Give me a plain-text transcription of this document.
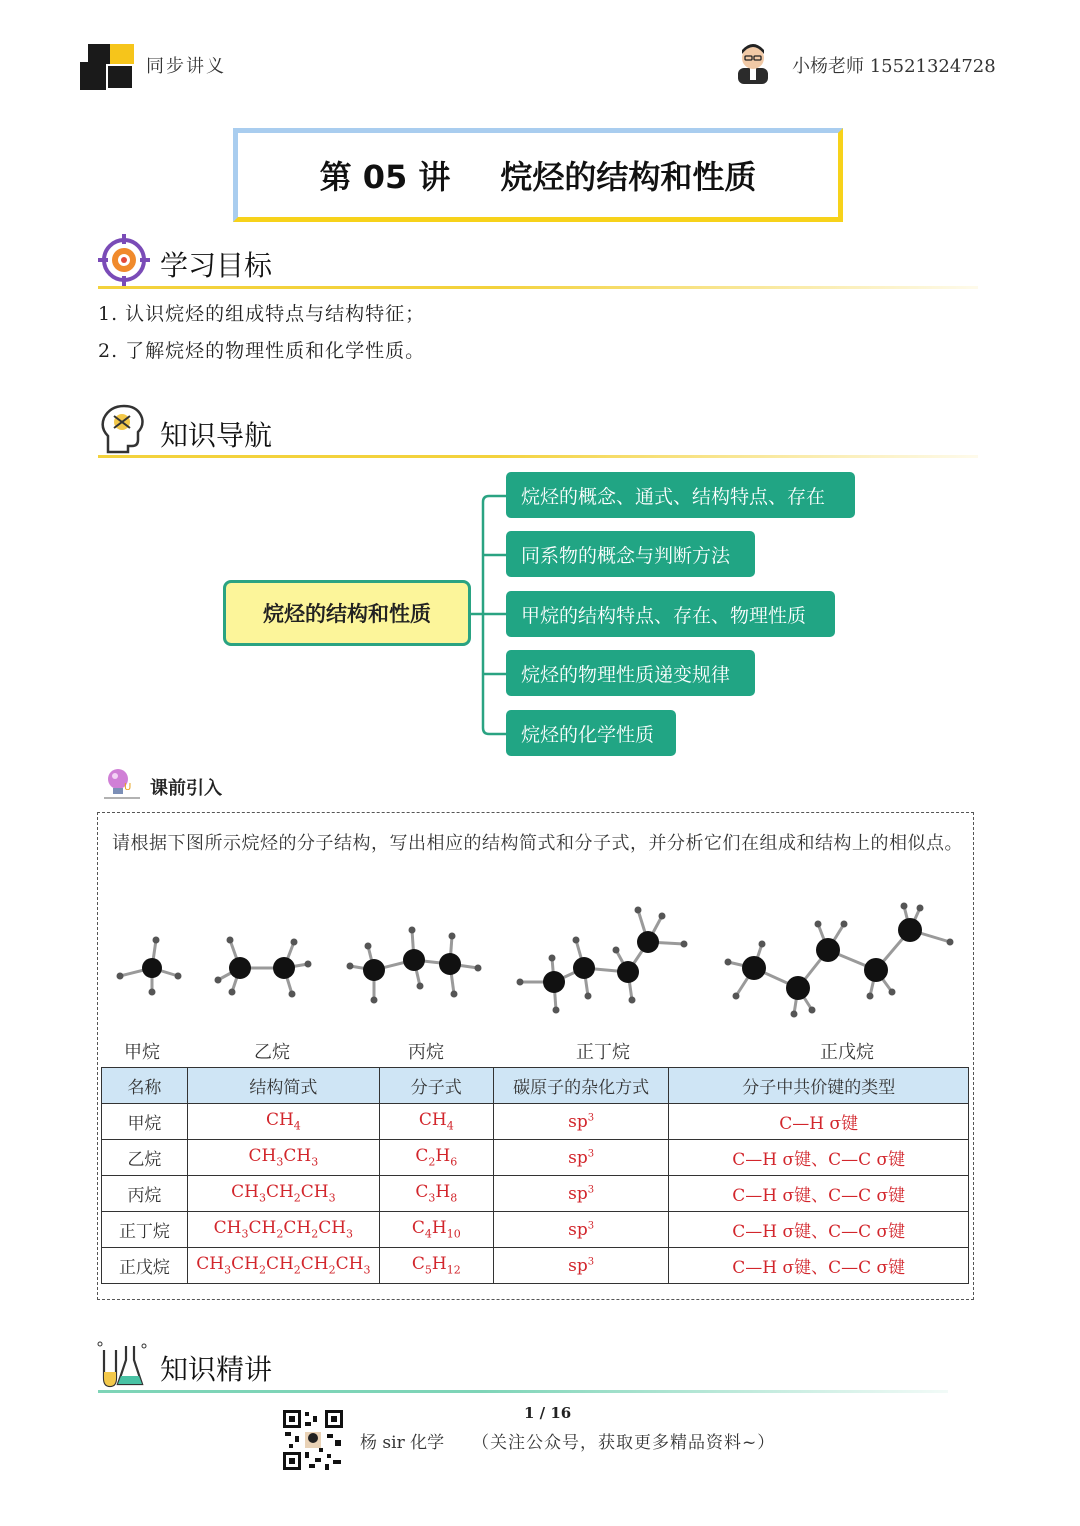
同步讲义	小杨老师 15521324728
第 05 讲 烷烃的结构和性质
学习目标
1. 认识烷烃的组成特点与结构特征；
2. 了解烷烃的物理性质和化学性质。
知识导航
烷烃的结构和性质
烷烃的概念、通式、结构特点、存在
同系物的概念与判断方法
甲烷的结构特点、存在、物理性质
烷烃的物理性质递变规律
烷烃的化学性质
U 课前引入
请根据下图所示烷烃的分子结构，写出相应的结构简式和分子式，并分析它们在组成和结构上的相似点。
甲烷	乙烷	丙烷	正丁烷	正戊烷
名称	结构简式	分子式	碳原子的杂化方式	分子中共价键的类型
甲烷	$CH_4$	$CH_4$	$sp^3$	C—H σ键
乙烷	$CH_3CH_3$	$C_2H_6$	$sp^3$	C—H σ键、C—C σ键
丙烷	$CH_3CH_2CH_3$	$C_3H_8$	$sp^3$	C—H σ键、C—C σ键
正丁烷	$CH_3CH_2CH_2CH_3$	$C_4H_{10}$	$sp^3$	C—H σ键、C—C σ键
正戊烷	$CH_3CH_2CH_2CH_2CH_3$	$C_5H_{12}$	$sp^3$	C—H σ键、C—C σ键
知识精讲
1 / 16
杨 sir 化学 （关注公众号，获取更多精品资料~）
